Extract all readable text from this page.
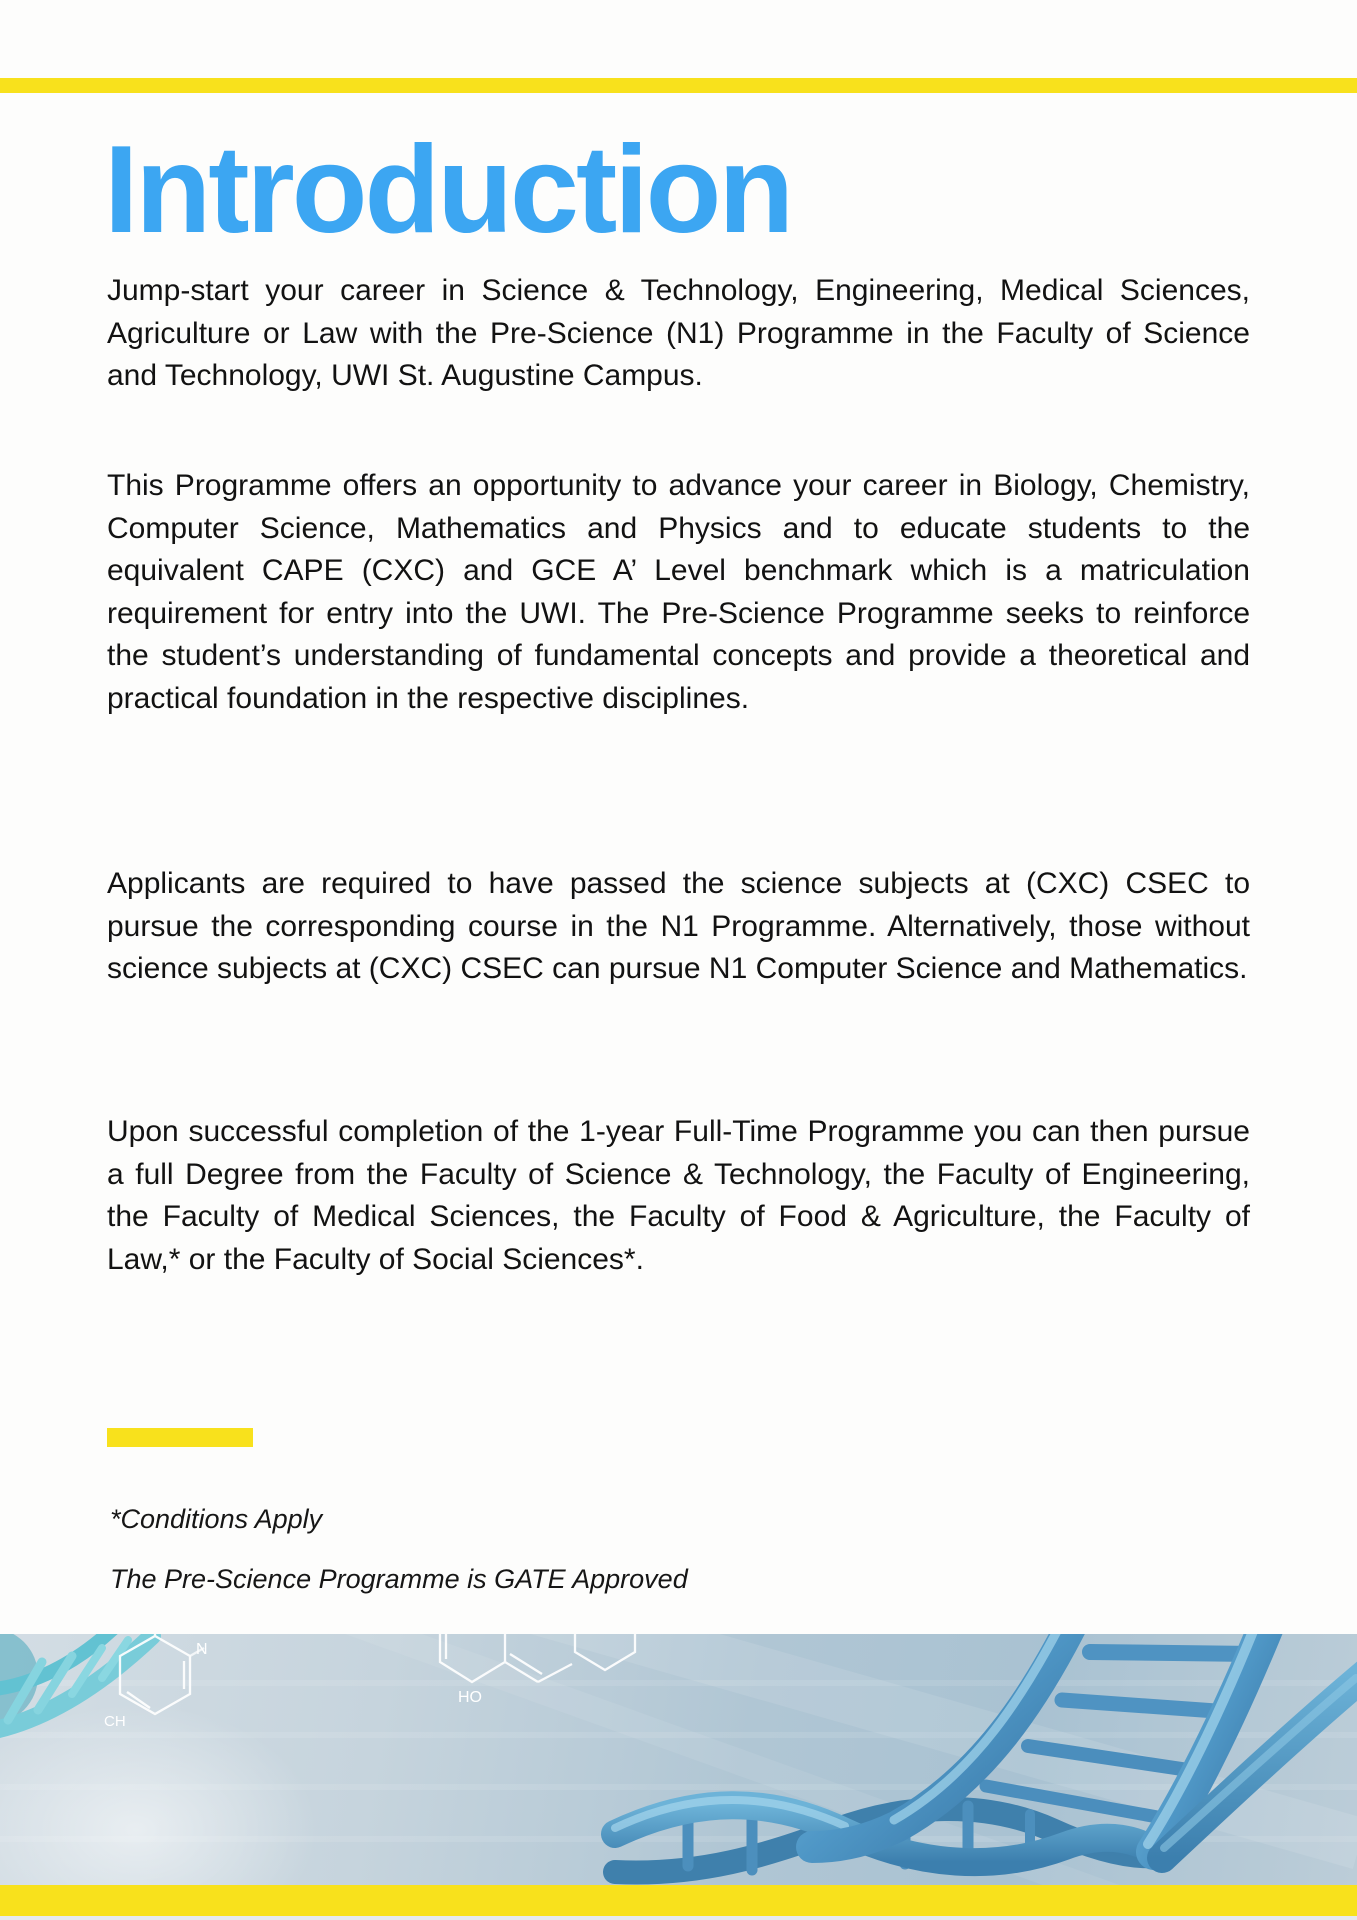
Introduction

Jump-start your career in Science & Technology, Engineering, Medical Sciences, Agriculture or Law with the Pre-Science (N1) Programme in the Faculty of Science and Technology, UWI St. Augustine Campus.

This Programme offers an opportunity to advance your career in Biology, Chemistry, Computer Science, Mathematics and Physics and to educate students to the equivalent CAPE (CXC) and GCE A’ Level benchmark which is a matriculation requirement for entry into the UWI. The Pre-Science Programme seeks to reinforce the student’s understanding of fundamental concepts and provide a theoretical and practical foundation in the respective disciplines.

Applicants are required to have passed the science subjects at (CXC) CSEC to pursue the corresponding course in the N1 Programme. Alternatively, those without science subjects at (CXC) CSEC can pursue N1 Computer Science and Mathematics.

Upon successful completion of the 1-year Full-Time Programme you can then pursue a full Degree from the Faculty of Science & Technology, the Faculty of Engineering, the Faculty of Medical Sciences, the Faculty of Food & Agriculture, the Faculty of Law,* or the Faculty of Social Sciences*.

*Conditions Apply

The Pre-Science Programme is GATE Approved

N
CH
HO
